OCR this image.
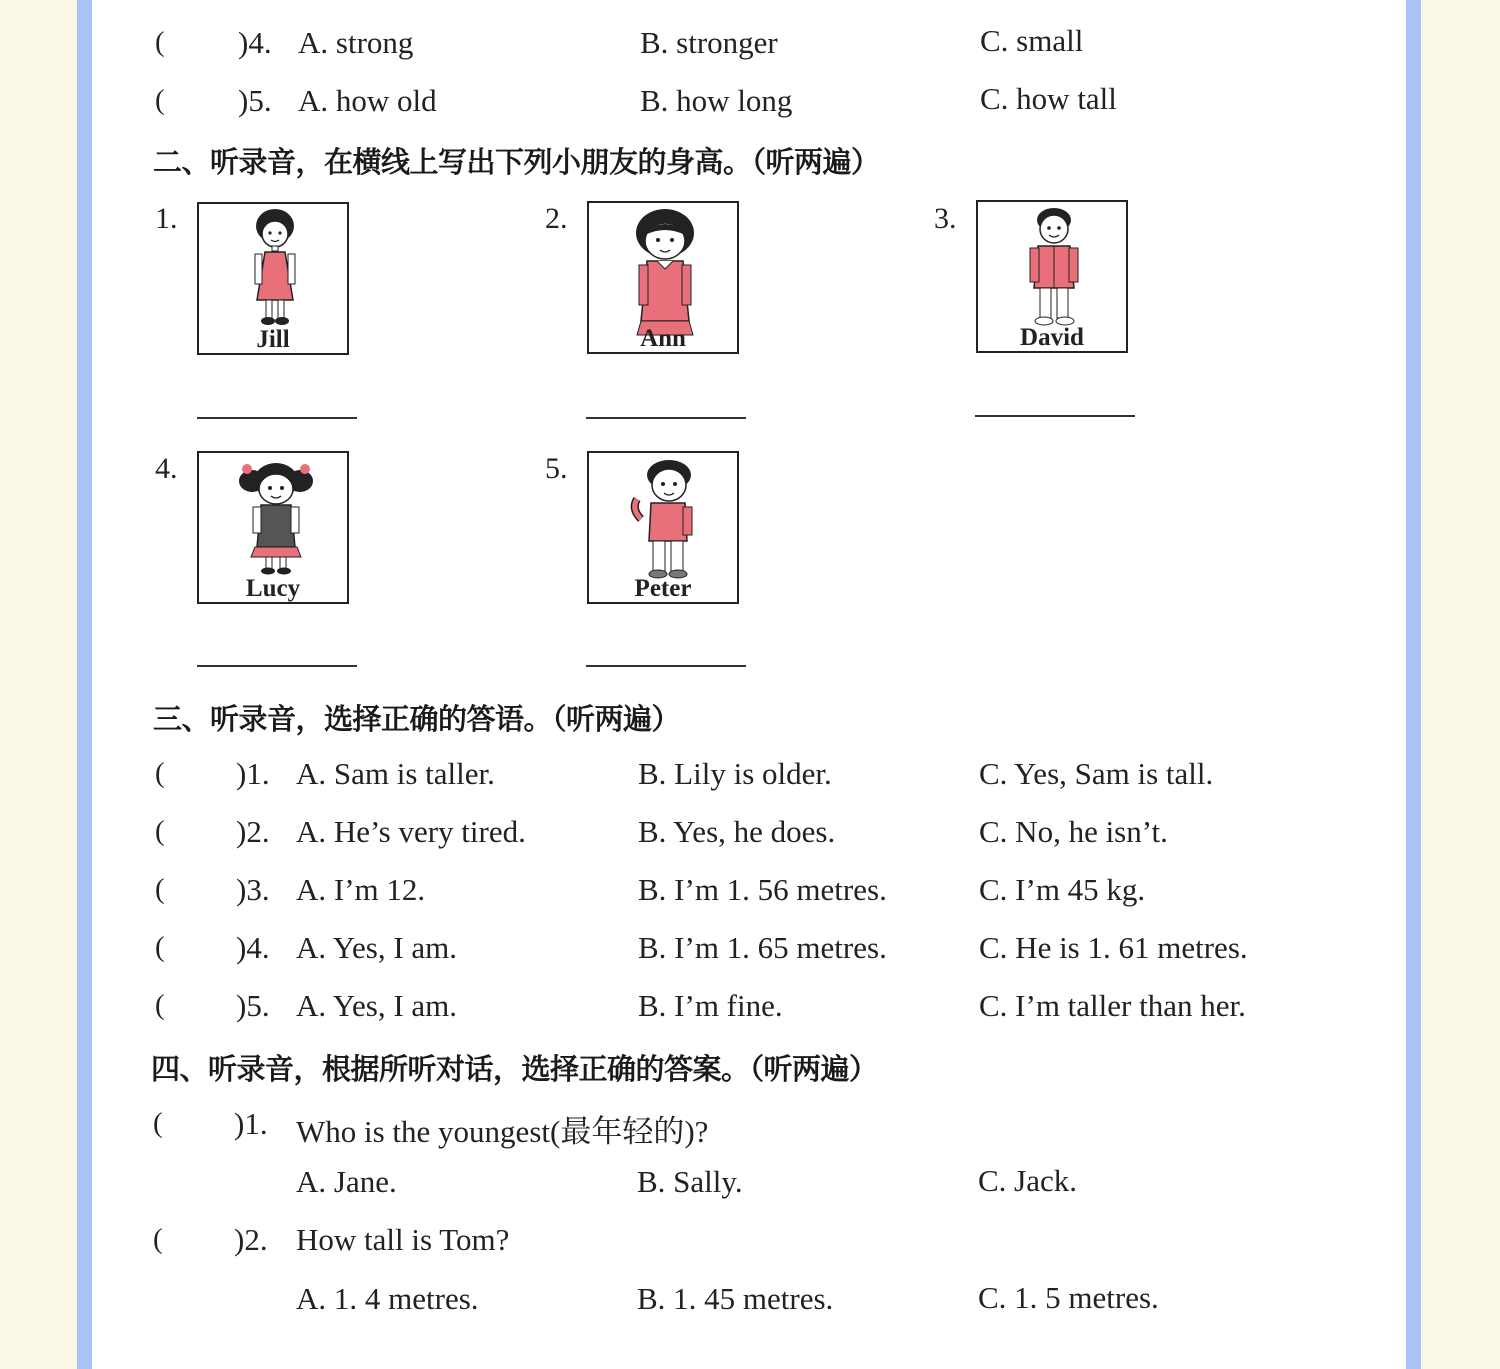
( )4. A. strong	B. stronger	C. small
( )5. A. how old	B. how long	C. how tall
二、听录音，在横线上写出下列小朋友的身高。（听两遍）
1.
Jill
2.
Ann
3.
David
4.
Lucy
5.
Peter
三、听录音，选择正确的答语。（听两遍）
( )1. A. Sam is taller.	B. Lily is older.	C. Yes, Sam is tall.
( )2. A. He’s very tired.	B. Yes, he does.	C. No, he isn’t.
( )3. A. I’m 12.	B. I’m 1. 56 metres.	C. I’m 45 kg.
( )4. A. Yes, I am.	B. I’m 1. 65 metres.	C. He is 1. 61 metres.
( )5. A. Yes, I am.	B. I’m fine.	C. I’m taller than her.
四、听录音，根据所听对话，选择正确的答案。（听两遍）
( )1. Who is the youngest(最年轻的)?
A. Jane.	B. Sally.	C. Jack.
( )2. How tall is Tom?
A. 1. 4 metres.	B. 1. 45 metres.	C. 1. 5 metres.
